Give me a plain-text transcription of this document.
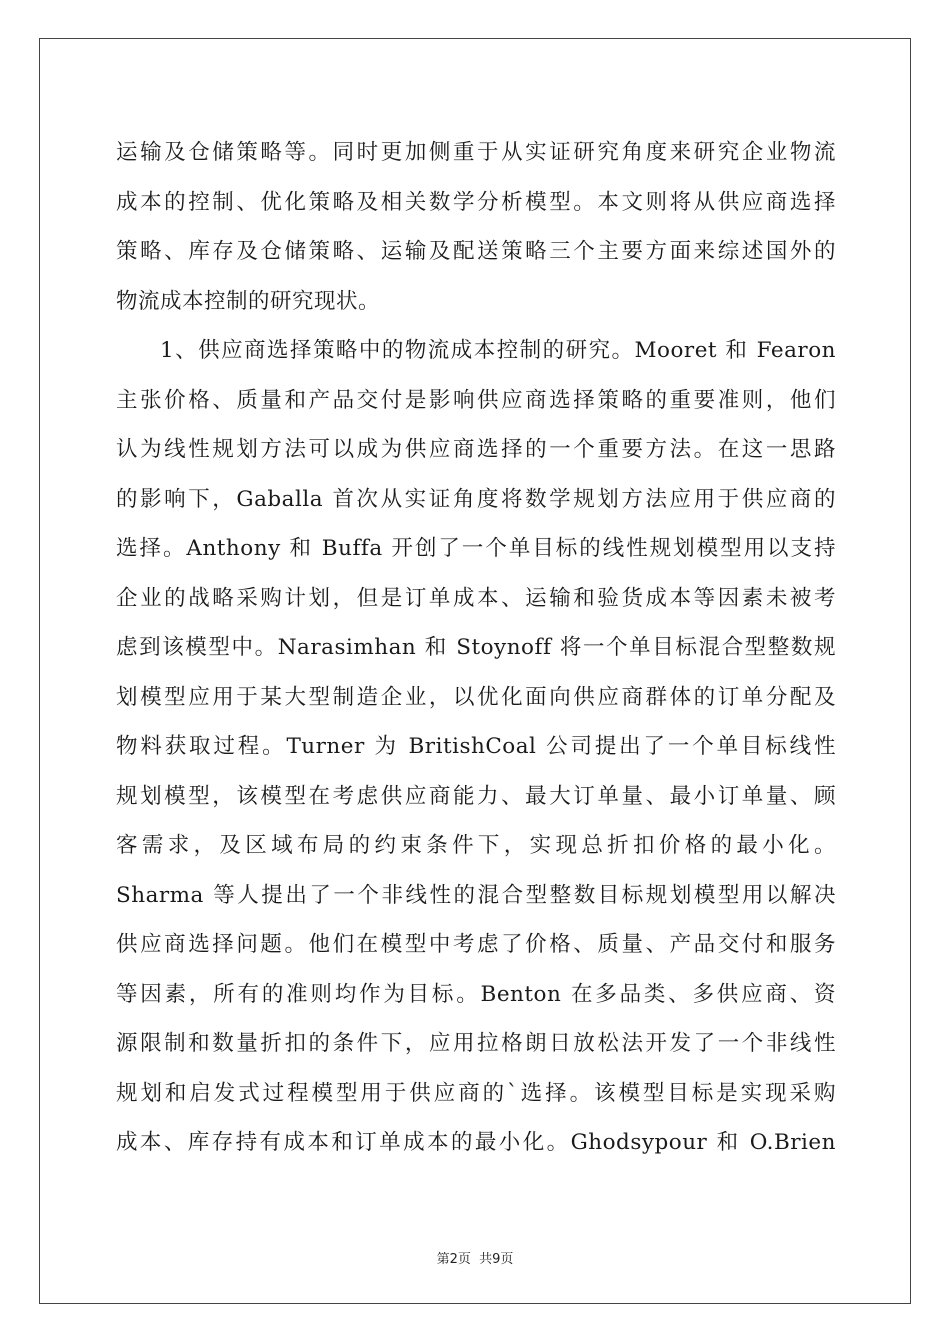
运输及仓储策略等。同时更加侧重于从实证研究角度来研究企业物流
成本的控制、优化策略及相关数学分析模型。本文则将从供应商选择
策略、库存及仓储策略、运输及配送策略三个主要方面来综述国外的
物流成本控制的研究现状。
1、供应商选择策略中的物流成本控制的研究。Mooret 和 Fearon
主张价格、质量和产品交付是影响供应商选择策略的重要准则，他们
认为线性规划方法可以成为供应商选择的一个重要方法。在这一思路
的影响下，Gaballa 首次从实证角度将数学规划方法应用于供应商的
选择。Anthony 和 Buffa 开创了一个单目标的线性规划模型用以支持
企业的战略采购计划，但是订单成本、运输和验货成本等因素未被考
虑到该模型中。Narasimhan 和 Stoynoff 将一个单目标混合型整数规
划模型应用于某大型制造企业，以优化面向供应商群体的订单分配及
物料获取过程。Turner 为 BritishCoal 公司提出了一个单目标线性
规划模型，该模型在考虑供应商能力、最大订单量、最小订单量、顾
客需求，及区域布局的约束条件下，实现总折扣价格的最小化。
Sharma 等人提出了一个非线性的混合型整数目标规划模型用以解决
供应商选择问题。他们在模型中考虑了价格、质量、产品交付和服务
等因素，所有的准则均作为目标。Benton 在多品类、多供应商、资
源限制和数量折扣的条件下，应用拉格朗日放松法开发了一个非线性
规划和启发式过程模型用于供应商的`选择。该模型目标是实现采购
成本、库存持有成本和订单成本的最小化。Ghodsypour 和 O.Brien
第2页 共9页
